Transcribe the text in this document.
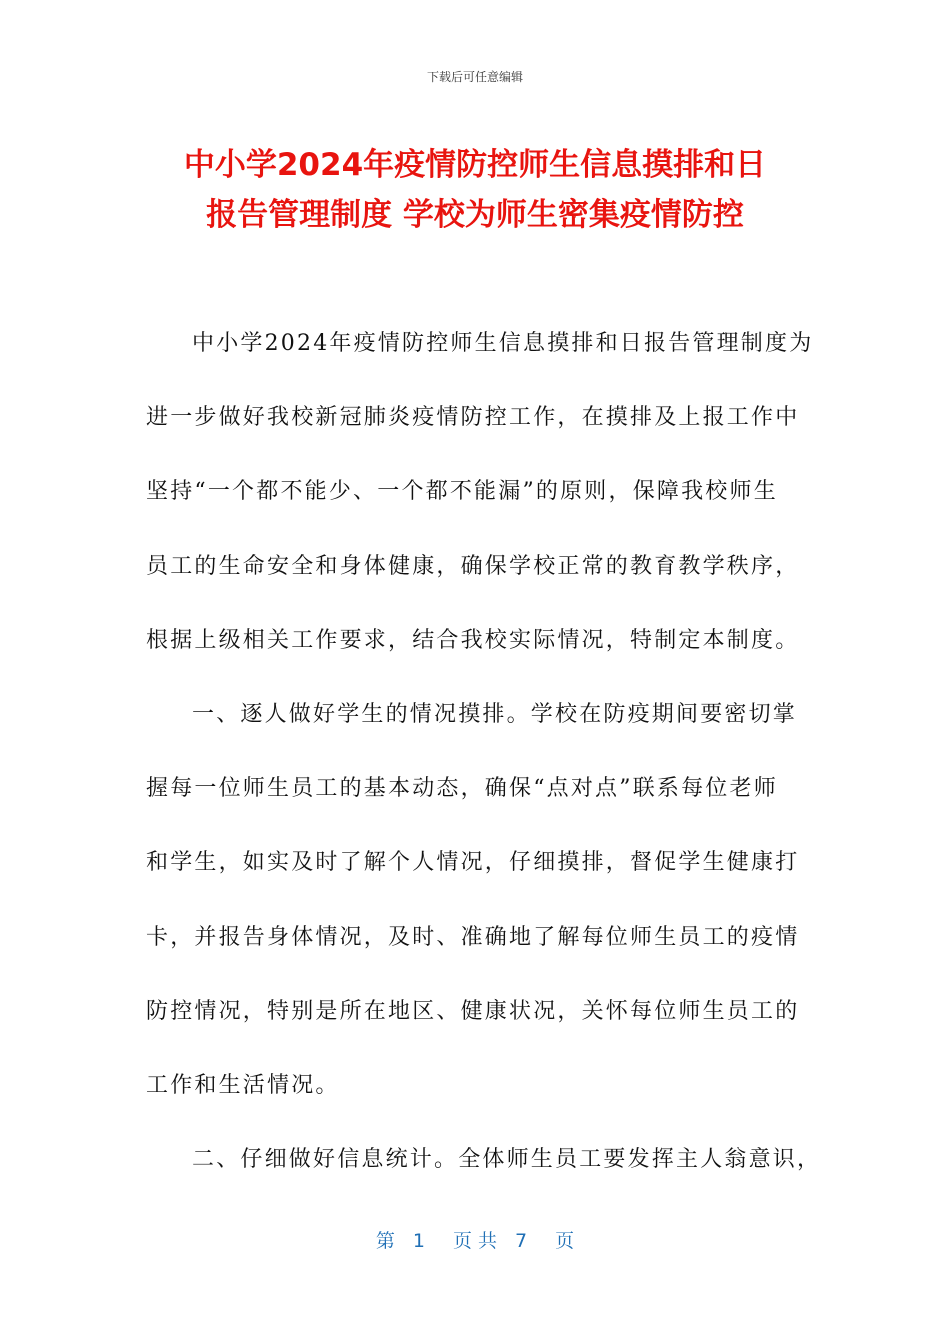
下载后可任意编辑
中小学2024年疫情防控师生信息摸排和日
报告管理制度 学校为师生密集疫情防控
中小学2024年疫情防控师生信息摸排和日报告管理制度为
进一步做好我校新冠肺炎疫情防控工作，在摸排及上报工作中
坚持“一个都不能少、一个都不能漏”的原则，保障我校师生
员工的生命安全和身体健康，确保学校正常的教育教学秩序，
根据上级相关工作要求，结合我校实际情况，特制定本制度。
一、逐人做好学生的情况摸排。学校在防疫期间要密切掌
握每一位师生员工的基本动态，确保“点对点”联系每位老师
和学生，如实及时了解个人情况，仔细摸排，督促学生健康打
卡，并报告身体情况，及时、准确地了解每位师生员工的疫情
防控情况，特别是所在地区、健康状况，关怀每位师生员工的
工作和生活情况。
二、仔细做好信息统计。全体师生员工要发挥主人翁意识，
第 1 页 共 7 页
